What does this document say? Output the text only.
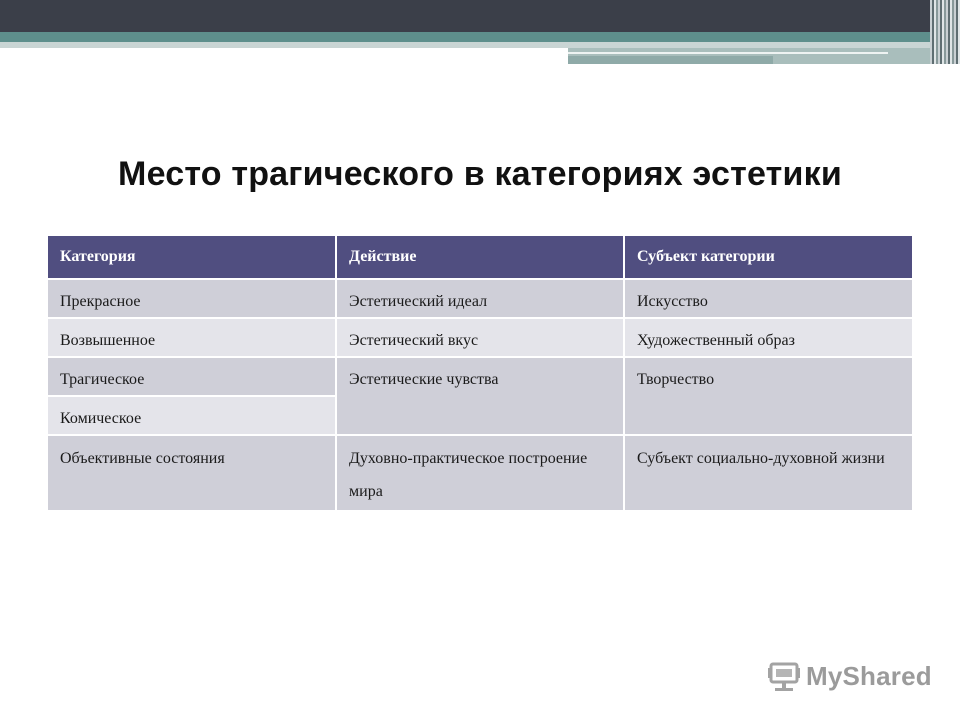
Место трагического в категориях эстетики
Категория	Действие	Субъект категории
Прекрасное	Эстетический идеал	Искусство
Возвышенное	Эстетический вкус	Художественный образ
Трагическое	Эстетические чувства	Творчество
Комическое		
Объективные состояния	Духовно-практическое построение мира	Субъект социально-духовной жизни
MyShared
